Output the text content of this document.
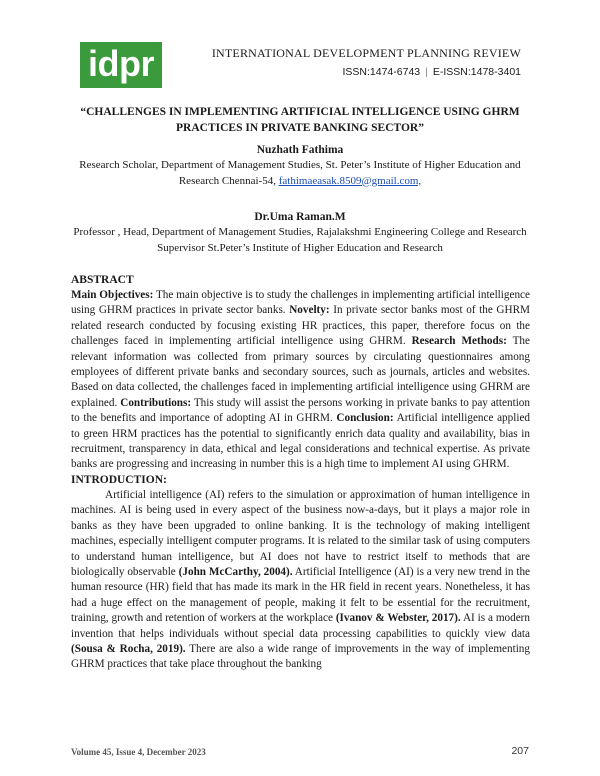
idpr	INTERNATIONAL DEVELOPMENT PLANNING REVIEW
ISSN:1474-6743 | E-ISSN:1478-3401
“CHALLENGES IN IMPLEMENTING ARTIFICIAL INTELLIGENCE USING GHRM PRACTICES IN PRIVATE BANKING SECTOR”
Nuzhath Fathima
Research Scholar, Department of Management Studies, St. Peter’s Institute of Higher Education and Research Chennai-54, fathimaeasak.8509@gmail.com,
Dr.Uma Raman.M
Professor , Head, Department of Management Studies, Rajalakshmi Engineering College and Research Supervisor St.Peter’s Institute of Higher Education and Research
ABSTRACT

Main Objectives: The main objective is to study the challenges in implementing artificial intelligence using GHRM practices in private sector banks. Novelty: In private sector banks most of the GHRM related research conducted by focusing existing HR practices, this paper, therefore focus on the challenges faced in implementing artificial intelligence using GHRM. Research Methods: The relevant information was collected from primary sources by circulating questionnaires among employees of different private banks and secondary sources, such as journals, articles and websites. Based on data collected, the challenges faced in implementing artificial intelligence using GHRM are explained. Contributions: This study will assist the persons working in private banks to pay attention to the benefits and importance of adopting AI in GHRM. Conclusion: Artificial intelligence applied to green HRM practices has the potential to significantly enrich data quality and availability, bias in recruitment, transparency in data, ethical and legal considerations and technical expertise. As private banks are progressing and increasing in number this is a high time to implement AI using GHRM.

INTRODUCTION:

Artificial intelligence (AI) refers to the simulation or approximation of human intelligence in machines. AI is being used in every aspect of the business now-a-days, but it plays a major role in banks as they have been upgraded to online banking. It is the technology of making intelligent machines, especially intelligent computer programs. It is related to the similar task of using computers to understand human intelligence, but AI does not have to restrict itself to methods that are biologically observable (John McCarthy, 2004). Artificial Intelligence (AI) is a very new trend in the human resource (HR) field that has made its mark in the HR field in recent years. Nonetheless, it has had a huge effect on the management of people, making it felt to be essential for the recruitment, training, growth and retention of workers at the workplace (Ivanov & Webster, 2017). AI is a modern invention that helps individuals without special data processing capabilities to quickly view data (Sousa & Rocha, 2019). There are also a wide range of improvements in the way of implementing GHRM practices that take place throughout the banking

Volume 45, Issue 4, December 2023	207
